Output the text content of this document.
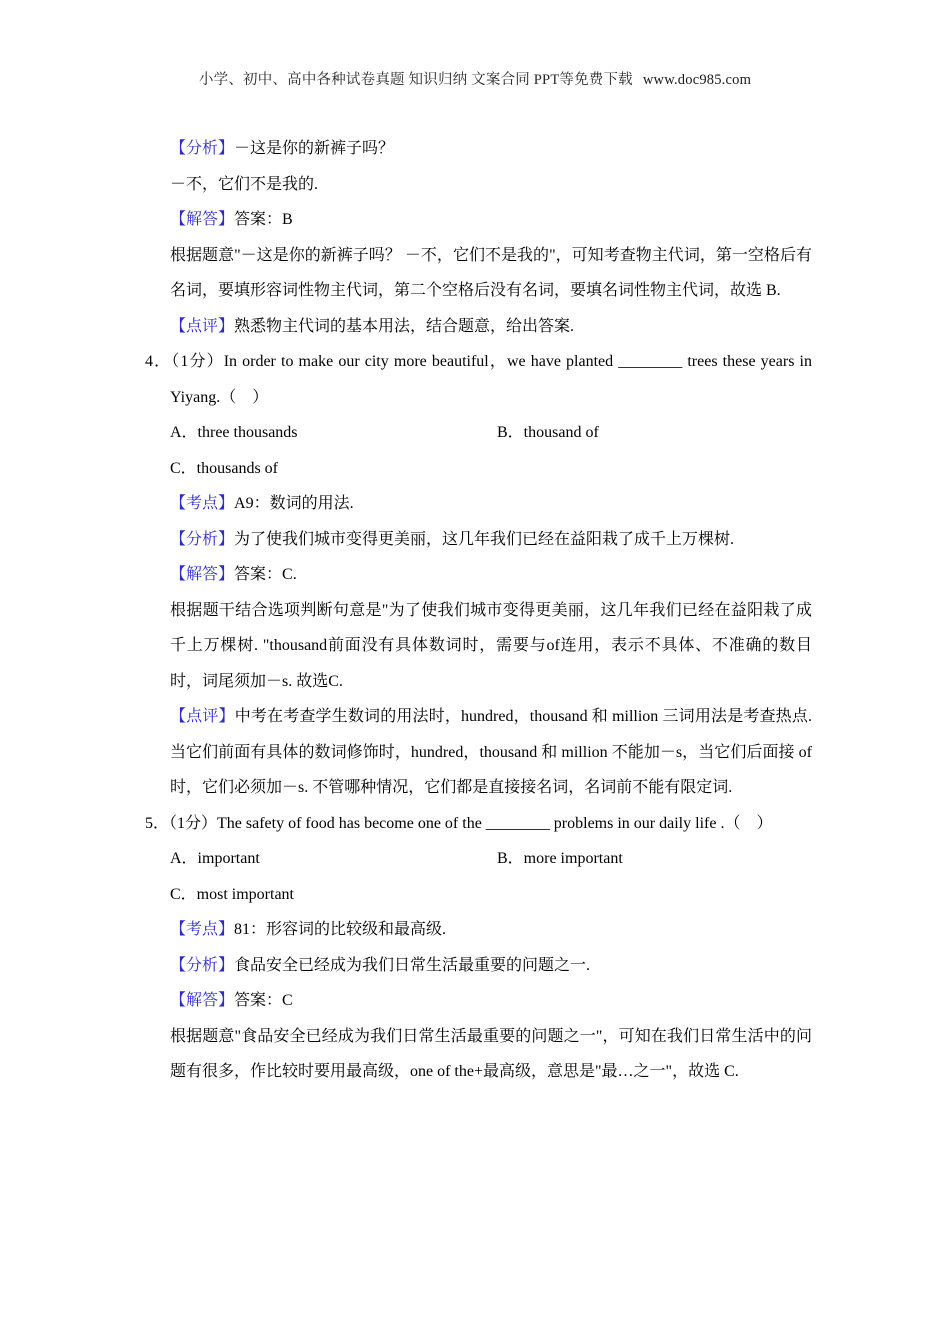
小学、初中、高中各种试卷真题 知识归纳 文案合同 PPT等免费下载 www.doc985.com

【分析】－这是你的新裤子吗？

－不，它们不是我的.

【解答】答案：B

根据题意"－这是你的新裤子吗？ －不，它们不是我的"，可知考查物主代词，第一空格后有名词，要填形容词性物主代词，第二个空格后没有名词，要填名词性物主代词，故选 B.

【点评】熟悉物主代词的基本用法，结合题意，给出答案.

4．（1分）In order to make our city more beautiful，we have planted ________ trees these years in Yiyang.（　）

A．three thousands	B．thousand of

C．thousands of

【考点】A9：数词的用法.

【分析】为了使我们城市变得更美丽，这几年我们已经在益阳栽了成千上万棵树.

【解答】答案：C.

根据题干结合选项判断句意是"为了使我们城市变得更美丽，这几年我们已经在益阳栽了成千上万棵树. "thousand前面没有具体数词时，需要与of连用，表示不具体、不准确的数目时，词尾须加－s. 故选C.

【点评】中考在考查学生数词的用法时，hundred，thousand 和 million 三词用法是考查热点. 当它们前面有具体的数词修饰时，hundred，thousand 和 million 不能加－s，当它们后面接 of 时，它们必须加－s. 不管哪种情况，它们都是直接接名词，名词前不能有限定词.

5．（1分）The safety of food has become one of the ________ problems in our daily life .（　）

A．important	B．more important

C．most important

【考点】81：形容词的比较级和最高级.

【分析】食品安全已经成为我们日常生活最重要的问题之一.

【解答】答案：C

根据题意"食品安全已经成为我们日常生活最重要的问题之一"，可知在我们日常生活中的问题有很多，作比较时要用最高级，one of the+最高级，意思是"最…之一"，故选 C.
